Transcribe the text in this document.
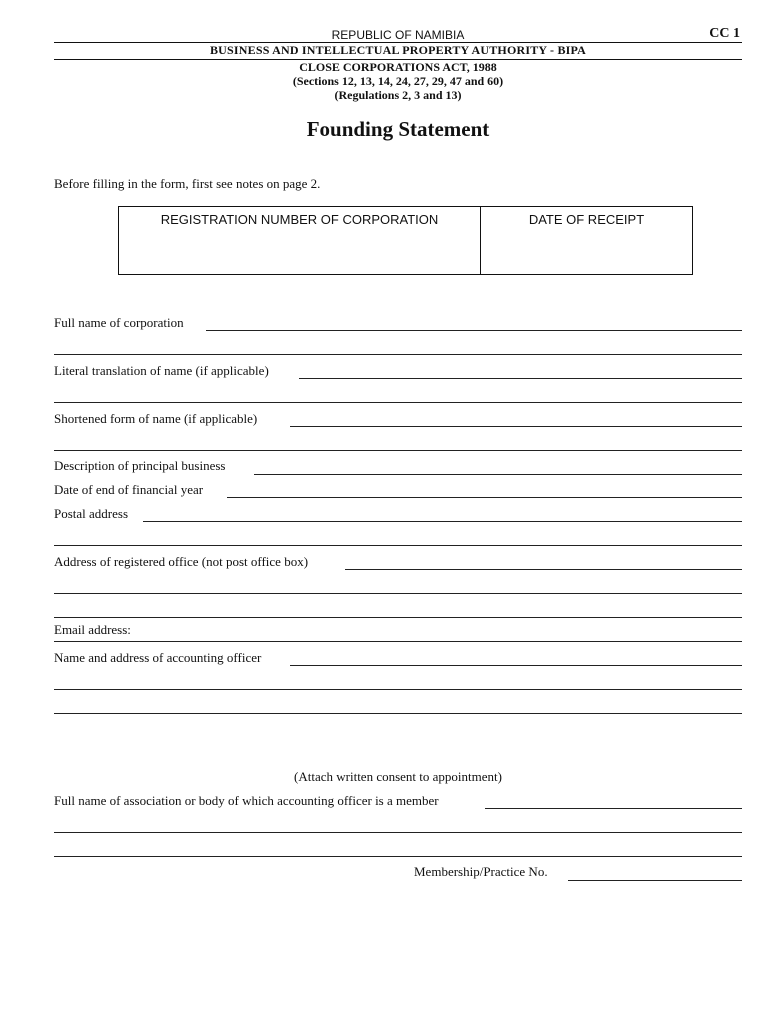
REPUBLIC OF NAMIBIA	CC 1
BUSINESS AND INTELLECTUAL PROPERTY AUTHORITY - BIPA
CLOSE CORPORATIONS ACT, 1988
(Sections 12, 13, 14, 24, 27, 29, 47 and 60)
(Regulations 2, 3 and 13)
Founding Statement
Before filling in the form, first see notes on page 2.
REGISTRATION NUMBER OF CORPORATION	DATE OF RECEIPT
Full name of corporation
Literal translation of name (if applicable)
Shortened form of name (if applicable)
Description of principal business
Date of end of financial year
Postal address
Address of registered office (not post office box)
Email address:
Name and address of accounting officer
(Attach written consent to appointment)
Full name of association or body of which accounting officer is a member
Membership/Practice No.
